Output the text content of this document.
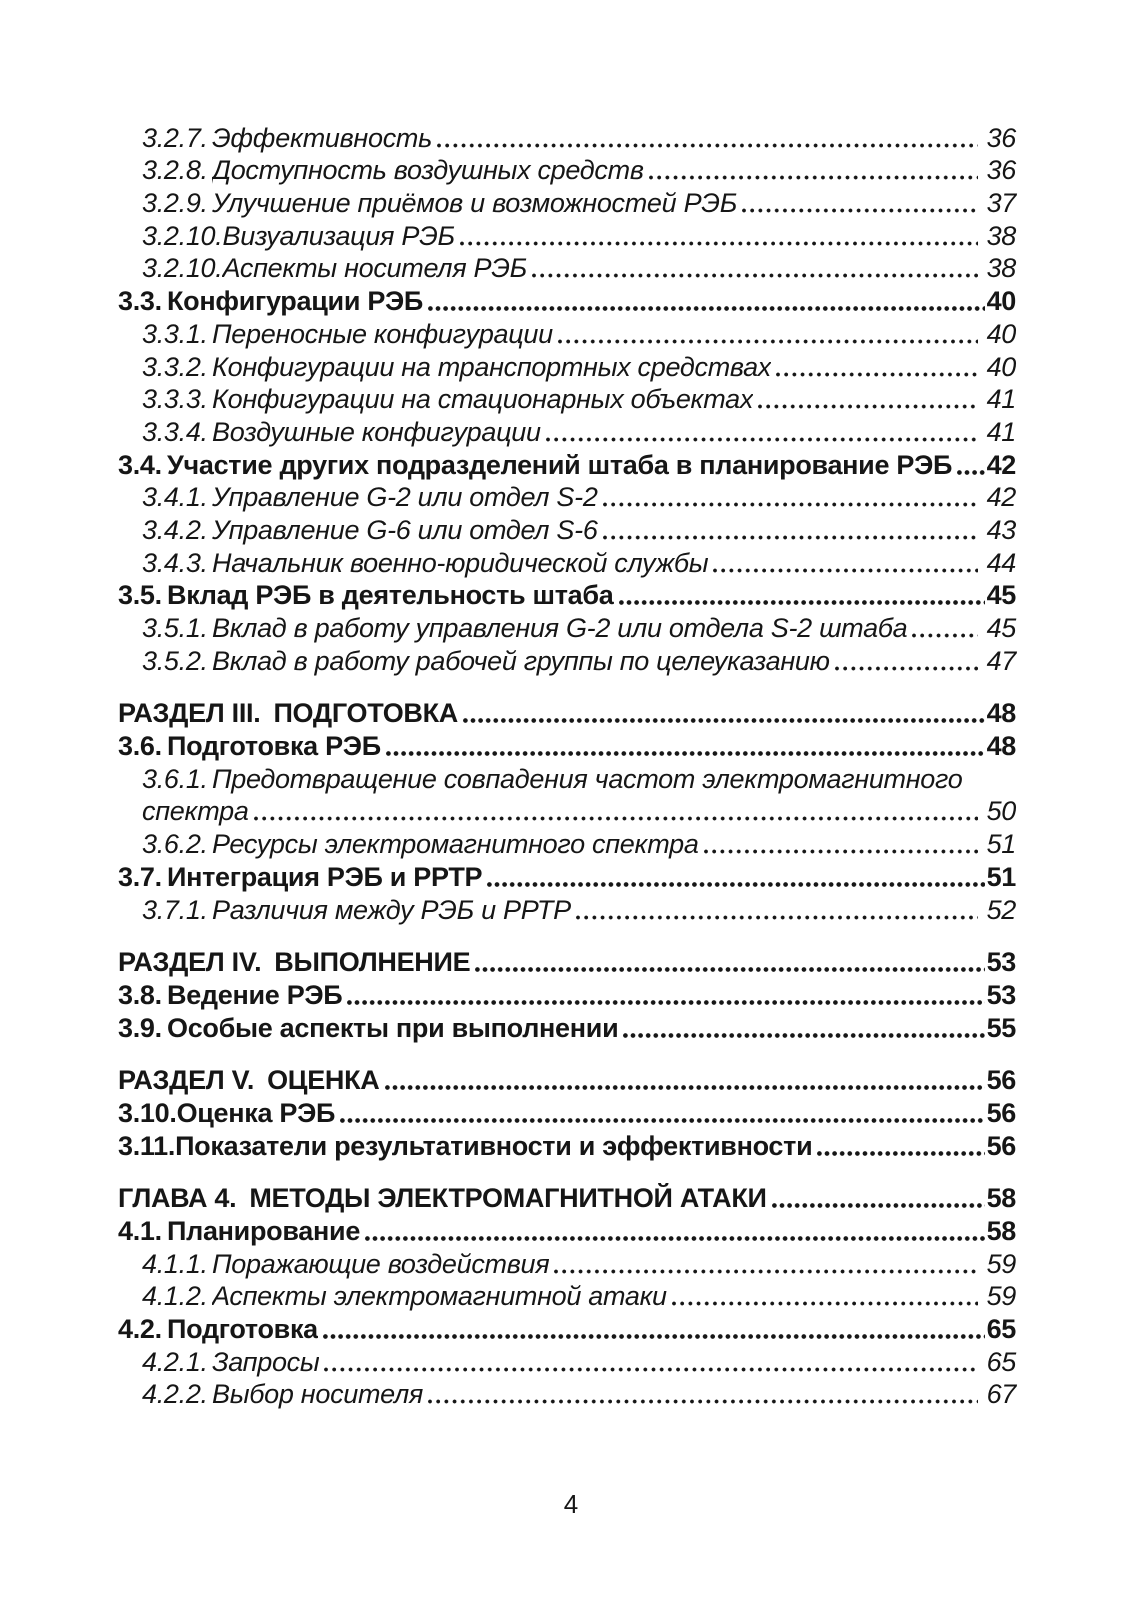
3.2.7. Эффективность	36
3.2.8. Доступность воздушных средств	36
3.2.9. Улучшение приёмов и возможностей РЭБ	37
3.2.10. Визуализация РЭБ	38
3.2.10. Аспекты носителя РЭБ	38
3.3. Конфигурации РЭБ	40
3.3.1. Переносные конфигурации	40
3.3.2. Конфигурации на транспортных средствах	40
3.3.3. Конфигурации на стационарных объектах	41
3.3.4. Воздушные конфигурации	41
3.4. Участие других подразделений штаба в планирование РЭБ 42
3.4.1. Управление G-2 или отдел S-2	42
3.4.2. Управление G-6 или отдел S-6	43
3.4.3. Начальник военно-юридической службы	44
3.5. Вклад РЭБ в деятельность штаба	45
3.5.1. Вклад в работу управления G-2 или отдела S-2 штаба	45
3.5.2. Вклад в работу рабочей группы по целеуказанию	47
РАЗДЕЛ III. ПОДГОТОВКА	48
3.6. Подготовка РЭБ	48
3.6.1. Предотвращение совпадения частот электромагнитного
спектра	50
3.6.2. Ресурсы электромагнитного спектра	51
3.7. Интеграция РЭБ и РРТР	51
3.7.1. Различия между РЭБ и РРТР	52
РАЗДЕЛ IV. ВЫПОЛНЕНИЕ	53
3.8. Ведение РЭБ	53
3.9. Особые аспекты при выполнении	55
РАЗДЕЛ V. ОЦЕНКА	56
3.10. Оценка РЭБ	56
3.11. Показатели результативности и эффективности	56
ГЛАВА 4. МЕТОДЫ ЭЛЕКТРОМАГНИТНОЙ АТАКИ	58
4.1. Планирование	58
4.1.1. Поражающие воздействия	59
4.1.2. Аспекты электромагнитной атаки	59
4.2. Подготовка	65
4.2.1. Запросы	65
4.2.2. Выбор носителя	67
4
